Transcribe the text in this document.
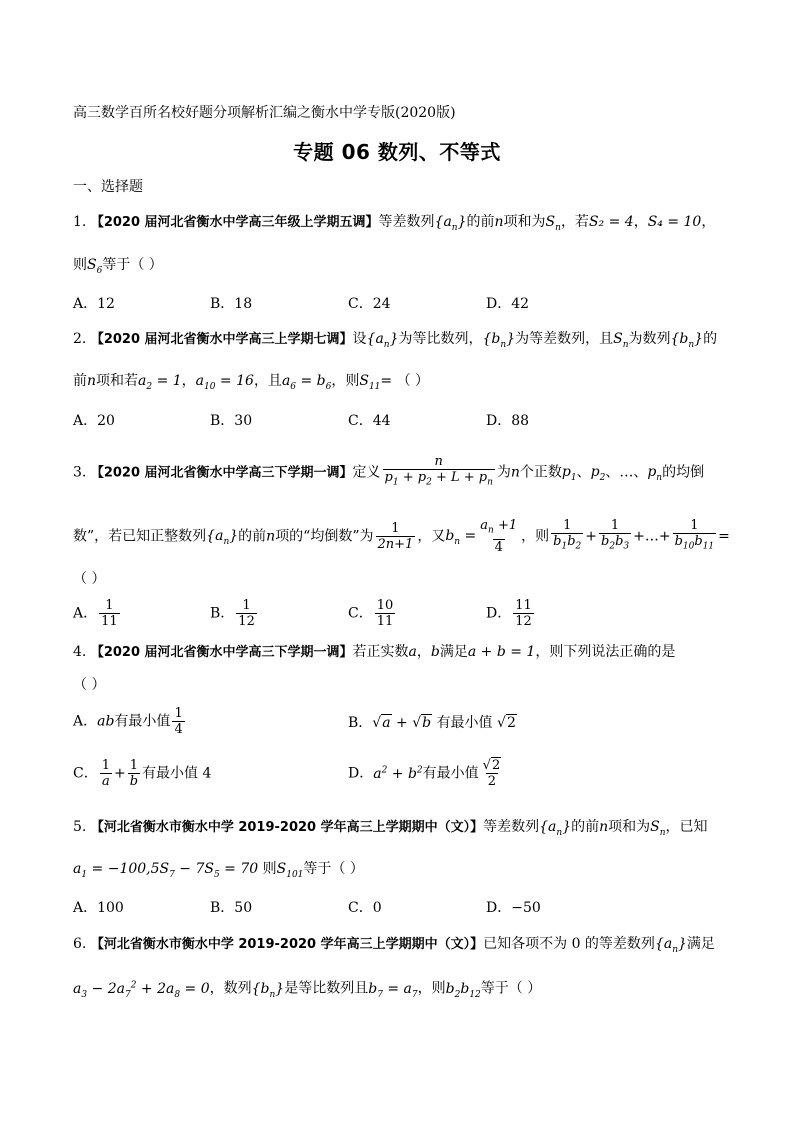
高三数学百所名校好题分项解析汇编之衡水中学专版(2020版)
专题 06 数列、不等式
一、选择题
1. 【2020 届河北省衡水中学高三年级上学期五调】等差数列$\{a_n\}$的前n项和为$S_n$，若S₂ = 4，S₄ = 10，
则$S_6$等于（ ）
A．12	B．18	C．24	D．42
2. 【2020 届河北省衡水中学高三上学期七调】设$\{a_n\}$为等比数列，$\{b_n\}$为等差数列，且$S_n$为数列$\{b_n\}$的
前n项和若$a_2 = 1$，$a_{10} = 16$，且$a_6 = b_6$，则$S_{11}=$ （ ）
A．20	B．30	C．44	D．88
3. 【2020 届河北省衡水中学高三下学期一调】定义 $\frac{n}{p_1 + p_2 + L + p_n}$ 为n个正数$p_1$、$p_2$、…、$p_n$的均倒
数”，若已知正整数列$\{a_n\}$的前n项的“均倒数”为 $\frac{1}{2n+1}$ ，又$b_n = \frac{a_n +1}{4}$ ，则 $\frac{1}{b_1b_2} + \frac{1}{b_2b_3}$ +…+ $\frac{1}{b_{10}b_{11}}$ =
（ ）
A． $\frac{1}{11}$	B． $\frac{1}{12}$	C． $\frac{10}{11}$	D． $\frac{11}{12}$
4. 【2020 届河北省衡水中学高三下学期一调】若正实数a，b满足a + b = 1，则下列说法正确的是
（ ）
A．ab有最小值 $\frac{1}{4}$	B．√a + √b 有最小值 √2
C． $\frac{1}{a} + \frac{1}{b}$ 有最小值 4	D．$a^2 + b^2$有最小值 $\frac{√2}{2}$
5. 【河北省衡水市衡水中学 2019-2020 学年高三上学期期中（文）】等差数列$\{a_n\}$的前n项和为$S_n$，已知
$a_1 = -100,5S_7 - 7S_5 = 70$ 则$S_{101}$等于（ ）
A．100	B．50	C．0	D．−50
6. 【河北省衡水市衡水中学 2019-2020 学年高三上学期期中（文）】已知各项不为 0 的等差数列$\{a_n\}$满足
$a_3 - 2a_7^2 + 2a_8 = 0$，数列$\{b_n\}$是等比数列且$b_7 = a_7$，则$b_2b_{12}$等于（ ）
